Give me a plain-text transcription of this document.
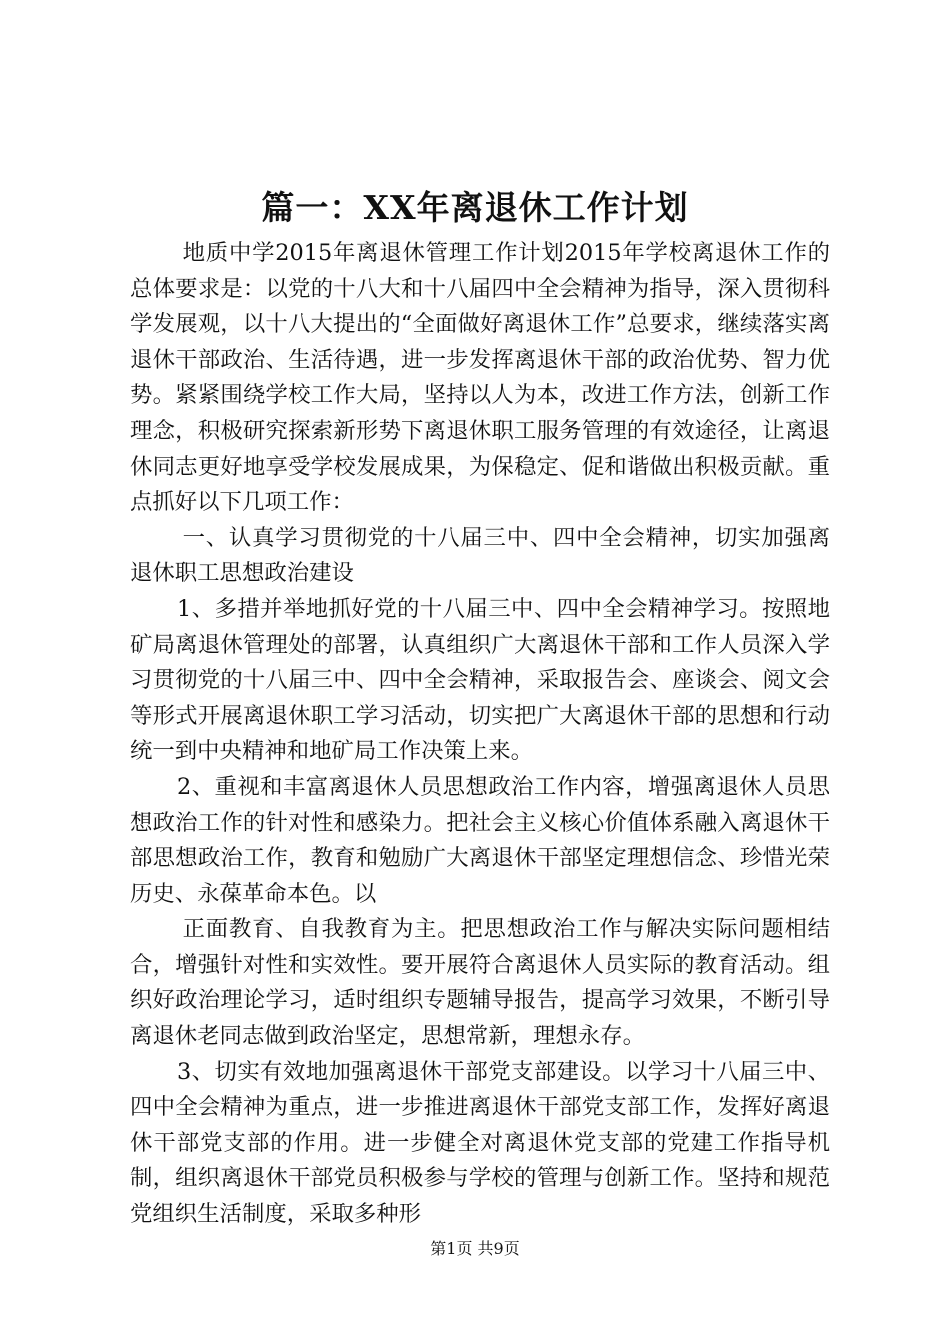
篇一：XX年离退休工作计划

地质中学2015年离退休管理工作计划2015年学校离退休工作的总体要求是：以党的十八大和十八届四中全会精神为指导，深入贯彻科学发展观，以十八大提出的“全面做好离退休工作”总要求，继续落实离退休干部政治、生活待遇，进一步发挥离退休干部的政治优势、智力优势。紧紧围绕学校工作大局，坚持以人为本，改进工作方法，创新工作理念，积极研究探索新形势下离退休职工服务管理的有效途径，让离退休同志更好地享受学校发展成果，为保稳定、促和谐做出积极贡献。重点抓好以下几项工作：

一、认真学习贯彻党的十八届三中、四中全会精神，切实加强离退休职工思想政治建设

1、多措并举地抓好党的十八届三中、四中全会精神学习。按照地矿局离退休管理处的部署，认真组织广大离退休干部和工作人员深入学习贯彻党的十八届三中、四中全会精神，采取报告会、座谈会、阅文会等形式开展离退休职工学习活动，切实把广大离退休干部的思想和行动统一到中央精神和地矿局工作决策上来。

2、重视和丰富离退休人员思想政治工作内容，增强离退休人员思想政治工作的针对性和感染力。把社会主义核心价值体系融入离退休干部思想政治工作，教育和勉励广大离退休干部坚定理想信念、珍惜光荣历史、永葆革命本色。以

正面教育、自我教育为主。把思想政治工作与解决实际问题相结合，增强针对性和实效性。要开展符合离退休人员实际的教育活动。组织好政治理论学习，适时组织专题辅导报告，提高学习效果，不断引导离退休老同志做到政治坚定，思想常新，理想永存。

3、切实有效地加强离退休干部党支部建设。以学习十八届三中、四中全会精神为重点，进一步推进离退休干部党支部工作，发挥好离退休干部党支部的作用。进一步健全对离退休党支部的党建工作指导机制，组织离退休干部党员积极参与学校的管理与创新工作。坚持和规范党组织生活制度，采取多种形

第1页 共9页
